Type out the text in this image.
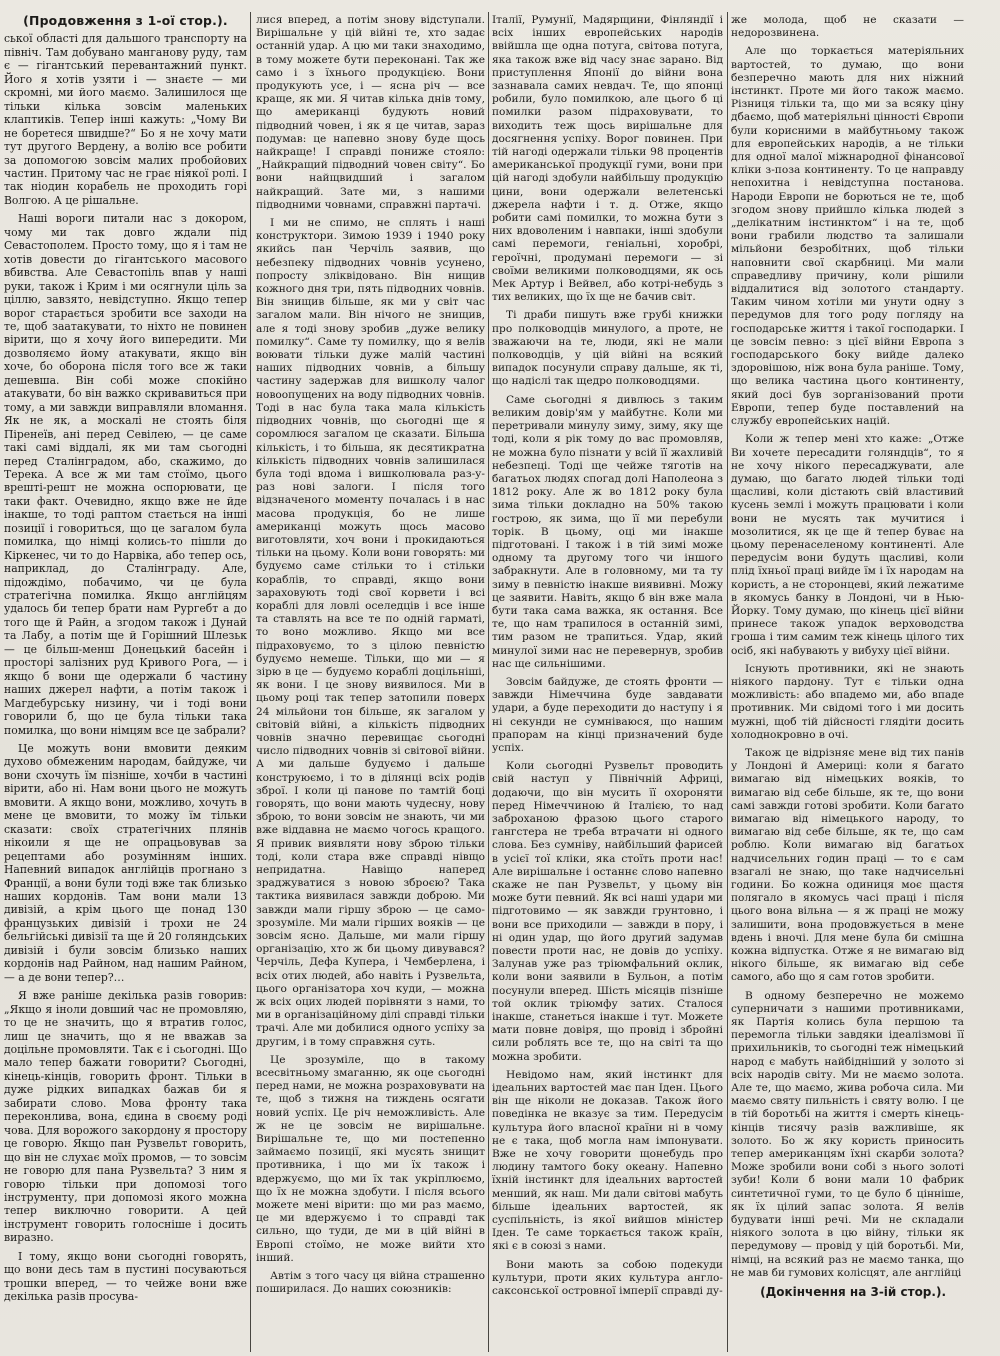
(Продовження з 1-ої стор.).

ської області для дальшого транспорту на північ. Там добувано манганову руду, там є — гігантський перевантажний пункт. Його я хотів узяти і — знаєте — ми скромні, ми його маємо. Залишилося ще тільки кілька зовсім маленьких клаптиків. Тепер інші кажуть: „Чому Ви не боретеся швидше?“ Бо я не хочу мати тут другого Вердену, а волію все робити за допомогою зовсім малих пробойових частин. Притому час не грає ніякої ролі. І так ніодин корабель не проходить горі Волгою. А це рішальне.

Наші вороги питали нас з докором, чому ми так довго ждали під Севастополем. Просто тому, що я і там не хотів довести до гігантського масового вбивства. Але Севастопіль впав у наші руки, також і Крим і ми осягнули ціль за ціллю, завзято, невідступно. Якщо тепер ворог старається зробити все заходи на те, щоб заатакувати, то ніхто не повинен вірити, що я хочу його випередити. Ми дозволяємо йому атакувати, якщо він хоче, бо оборона після того все ж таки дешевша. Він собі може спокійно атакувати, бо він важко скривавиться при тому, а ми завжди виправляли вломання. Як не як, а москалі не стоять біля Піренеїв, ані перед Севілею, — це саме такі самі віддалі, як ми там сьогодні перед Сталінградом, або, скажимо, до Терека. А все ж ми там стоїмо, цього врешті-решт не можна оспорювати, це таки факт. Очевидно, якщо вже не йде інакше, то тоді раптом стається на інші позиції і говориться, що це загалом була помилка, що німці колись-то пішли до Кіркенес, чи то до Нарвіка, або тепер ось, наприклад, до Сталінграду. Але, підождімо, побачимо, чи це була стратегічна помилка. Якщо англійцям удалось би тепер брати нам Рургебт а до того ще й Райн, а згодом також і Дунай та Лабу, а потім ще й Горішний Шлезьк — це більш-менш Донецький басейн і просторі залізних руд Кривого Рога, — і якщо б вони ще одержали б частину наших джерел нафти, а потім також і Магдебурську низину, чи і тоді вони говорили б, що це була тільки така помилка, що вони німцям все це забрали?

Це можуть вони вмовити деяким духово обмеженим народам, байдуже, чи вони схочуть їм пізніше, хочби в частині вірити, або ні. Нам вони цього не можуть вмовити. А якщо вони, можливо, хочуть в мене це вмовити, то можу їм тільки сказати: своїх стратегічних плянів нікоили я ще не опрацьовував за рецептами або розумінням інших. Напевний випадок англійців прогнано з Франції, а вони були тоді вже так близько наших кордонів. Там вони мали 13 дивізій, а крім цього ще понад 130 французьких дивізій і трохи не 24 бельгійські дивізії та ще й 20 голяндських дивізій і були зовсім близько наших кордонів над Райном, над нашим Райном, — а де вони тепер?…

Я вже раніше декілька разів говорив: „Якщо я іноли довший час не промовляю, то це не значить, що я втратив голос, лиш це значить, що я не вважав за доцільне промовляти. Так є і сьогодні. Що мало тепер бажати говорити? Сьогодні, кінець-кінців, говорить фронт. Тільки в дуже рідких випадках бажав би я забирати слово. Мова фронту така переконлива, вона, єдина в своєму роді чова. Для ворожого закордону я простору це говорю. Якщо пан Рузвельт говорить, що він не слухає моїх промов, — то зовсім не говорю для пана Рузвельта? З ним я говорю тільки при допомозі того інструменту, при допомозі якого можна тепер виключно говорити. А цей інструмент говорить голосніше і досить виразно.

І тому, якщо вони сьогодні говорять, що вони десь там в пустині посуваються трошки вперед, — то чейже вони вже декілька разів просува-

лися вперед, а потім знову відступали. Вирішальне у цій війні те, хто задає останній удар. А цю ми таки знаходимо, в тому можете бути переконані. Так же само і з їхнього продукцією. Вони продукують усе, і — ясна річ — все краще, як ми. Я читав кілька днів тому, що американці будують новий підводний човен, і як я це читав, зараз подумав: це напевно знову буде щось найкраще! І справді пониже стояло: „Найкращий підводний човен світу“. Бо вони найщвидший і загалом найкращий. Зате ми, з нашими підводними човнами, справжні партачі.

І ми не спимо, не сплять і наші конструктори. Зимою 1939 і 1940 року якийсь пан Черчіль заявив, що небезпеку підводних човнів усунено, попросту зліквідовано. Він нищив кожного дня три, пять підводних човнів. Він знищив більше, як ми у світ час загалом мали. Він нічого не знищив, але я тоді знову зробив „дуже велику помилку“. Саме ту помилку, що я велів воювати тільки дуже малій частині наших підводних човнів, а більшу частину задержав для вишколу чалог новоопущених на воду підводних човнів. Тоді в нас була така мала кількість підводних човнів, що сьогодні ще я соромлюся загалом це сказати. Більша кількість, і то більша, як десятикратна кількість підводних човнів залишилася була тоді вдома і вишколювала раз-у-раз нові залоги. І після того відзначеного моменту почалась і в нас масова продукція, бо не лише американці можуть щось масово виготовляти, хоч вони і прокидаються тільки на цьому. Коли вони говорять: ми будуємо саме стільки то і стільки кораблів, то справді, якщо вони зараховують тоді свої корвети і всі кораблі для ловлі оселедців і все інше та ставлять на все те по одній гарматі, то воно можливо. Якщо ми все підраховуємо, то з цілою певністю будуємо немеше. Тільки, що ми — я зірю в це — будуємо кораблі доцільніші, як вони. І це знову виявилося. Ми в цьому році так тепер затопили поверх 24 мільйони тон більше, як загалом у світовій війні, а кількість підводних човнів значно перевищає сьогодні число підводних човнів зі світової війни. А ми дальше будуємо і дальше конструюємо, і то в ділянці всіх родів зброї. І коли ці панове по тамтій боці говорять, що вони мають чудесну, нову зброю, то вони зовсім не знають, чи ми вже віддавна не маємо чогось кращого. Я привик виявляти нову зброю тільки тоді, коли стара вже справді нівщо непридатна. Навіщо наперед зраджуватися з новою зброєю? Така тактика виявилася завжди доброю. Ми завжди мали гіршу зброю — це само-зрозуміле. Ми мали гірших вояків — це зовсім ясно. Дальше, ми мали гіршу організацію, хто ж би цьому дивувався? Черчіль, Дефа Купера, і Чемберлена, і всіх отих людей, або навіть і Рузвельта, цього організатора хоч куди, — можна ж всіх оцих людей порівняти з нами, то ми в організаційному ділі справді тільки трачі. Але ми добилися одного успіху за другим, і в тому справжня суть.

Це зрозуміле, що в такому всесвітньому змаганню, як оце сьогодні перед нами, не можна розраховувати на те, щоб з тижня на тиждень осягати новий успіх. Це річ неможливість. Але ж не це зовсім не вирішальне. Вирішальне те, що ми постепенно займаємо позиції, які мусять знищит противника, і що ми їх також і вдержуємо, що ми їх так укріплюємо, що їх не можна здобути. І після всього можете мені вірити: що ми раз маємо, це ми вдержуємо і то справді так сильно, що туди, де ми в цій війні в Европі стоїмо, не може вийти хто інший.

Автім з того часу ця війна страшенно поширилася. До наших союзників:

Італії, Румунії, Мадярщини, Фінляндії і всіх інших европейських народів ввійшла ще одна потуга, світова потуга, яка також вже від часу знає зарано. Від приступлення Японії до війни вона зазнавала самих невдач. Те, що японці робили, було помилкою, але цього б ці помилки разом підраховувати, то виходить теж щось вирішальне для досягнення успіху. Ворог повинен. При тій нагоді одержали тільки 98 процентів американської продукції гуми, вони при цій нагоді здобули найбільшу продукцію цини, вони одержали велетенські джерела нафти і т. д. Отже, якщо робити самі помилки, то можна бути з них вдоволеним і навпаки, інші здобули самі перемоги, геніальні, хоробрі, героїчні, продумані перемоги — зі своїми великими полководцями, як ось Мек Артур і Вейвел, або котрі-небудь з тих великих, що їх ще не бачив світ.

Ті драби пишуть вже грубі книжки про полководців минулого, а проте, не зважаючи на те, люди, які не мали полководців, у цій війні на всякий випадок посунули справу дальше, як ті, що надіслі так щедро полководцями.

Саме сьогодні я дивлюсь з таким великим довір'ям у майбутнє. Коли ми перетривали минулу зиму, зиму, яку ще тоді, коли я рік тому до вас промовляв, не можна було пізнати у всій її жахливій небезпеці. Тоді ще чейже тяготів на багатьох людях спогад долі Наполеона з 1812 року. Але ж во 1812 року була зима тільки докладно на 50% такою гострою, як зима, що її ми перебули торік. В цьому, оці ми інакше підготовані. І також і в тій зимі може одному та другому того чи іншого забракнути. Але в головному, ми та ту зиму в певністю інакше виявивні. Можу це заявити. Навіть, якщо б він вже мала бути така сама важка, як остання. Все те, що нам трапилося в останній зимі, тим разом не трапиться. Удар, який минулої зими нас не перевернув, зробив нас ще сильнішими.

Зовсім байдуже, де стоять фронти — завжди Німеччина буде завдавати удари, а буде переходити до наступу і я ні секунди не сумніваюся, що нашим прапорам на кінці призначений буде успіх.

Коли сьогодні Рузвельт проводить свій наступ у Північній Африці, додаючи, що він мусить її охороняти перед Німеччиною й Італією, то над заброханою фразою цього старого гангстера не треба втрачати ні одного слова. Без сумніву, найбільший фарисей в усієї тої кліки, яка стоїть проти нас! Але вирішальне і останнє слово напевно скаже не пан Рузвельт, у цьому він може бути певний. Як всі наші удари ми підготовимо — як завжди грунтовно, і вони все приходили — завжди в пору, і ні один удар, що його другий задумав повести проти нас, не довів до успіху. Залунав уже раз тріюмфальний оклик, коли вони заявили в Бульон, а потім посунули вперед. Шість місяців пізніше той оклик тріюмфу затих. Сталося інакше, станеться інакше і тут. Можете мати повне довіря, що провід і збройні сили роблять все те, що на світі та що можна зробити.

Невідомо нам, який інстинкт для ідеальних вартостей має пан Іден. Цього він ще ніколи не доказав. Також його поведінка не вказує за тим. Передусім культура його власної країни ні в чому не є така, щоб могла нам імпонувати. Вже не хочу говорити щонебудь про людину тамтого боку океану. Напевно їхній інстинкт для ідеальних вартостей менший, як наш. Ми дали світові мабуть більше ідеальних вартостей, як суспільність, із якої вийшов міністер Іден. Те саме торкається також країн, які є в союзі з нами.

Вони мають за собою подекуди культури, проти яких культура англо-саксонської островної імперії справді ду-

же молода, щоб не сказати — недорозвинена.

Але що торкається матеріяльних вартостей, то думаю, що вони безперечно мають для них ніжний інстинкт. Проте ми його також маємо. Різниця тільки та, що ми за всяку ціну дбаємо, щоб матеріяльні цінності Європи були корисними в майбутньому також для европейських народів, а не тільки для одної малої міжнародної фінансової кліки з-поза континенту. То це направду непохитна і невідступна постанова. Народи Европи не борються не те, щоб згодом знову прийшло кілька людей з „делікатним інстинктом“ і на те, щоб вони грабили людство та залишали мільйони безробітних, щоб тільки наповнити свої скарбниці. Ми мали справедливу причину, коли рішили віддалитися від золотого стандарту. Таким чином хотіли ми унути одну з передумов для того роду погляду на господарське життя і такої господарки. І це зовсім певно: з цієї війни Европа з господарського боку вийде далеко здоровішою, ніж вона була раніше. Тому, що велика частина цього континенту, який досі був зорганізований проти Европи, тепер буде поставлений на службу европейських націй.

Коли ж тепер мені хто каже: „Отже Ви хочете пересадити голяндців“, то я не хочу нікого пересаджувати, але думаю, що багато людей тільки тоді щасливі, коли дістають свій властивий кусень землі і можуть працювати і коли вони не мусять так мучитися і мозолитися, як це ще й тепер буває на цьому перенаселеному континенті. Але передусім вони будуть щасливі, коли плід їхньої праці вийде їм і їх народам на користь, а не сторонцеві, який лежатиме в якомусь банку в Лондоні, чи в Нью-Йорку. Тому думаю, що кінець цієї війни принесе також упадок верховодства гроша і тим самим теж кінець цілого тих осіб, які набувають у вибуху цієї війни.

Існують противники, які не знають ніякого пардону. Тут є тільки одна можливість: або впадемо ми, або впаде противник. Ми свідомі того і ми досить мужні, щоб тій дійсності глядіти досить холоднокровно в очі.

Також це відрізняє мене від тих панів у Лондоні й Америці: коли я багато вимагаю від німецьких вояків, то вимагаю від себе більше, як те, що вони самі завжди готові зробити. Коли багато вимагаю від німецького народу, то вимагаю від себе більше, як те, що сам роблю. Коли вимагаю від багатьох надчисельних годин праці — то є сам взагалі не знаю, що таке надчисельні години. Бо кожна одиниця моє щастя полягало в якомусь часі праці і після цього вона вільна — я ж праці не можу залишити, вона продовжується в мене вдень і вночі. Для мене була би смішна кожна відпустка. Отже я не вимагаю від нікого більше, як вимагаю від себе самого, або що я сам готов зробити.

В одному безперечно не можемо суперничати з нашими противниками, як Партія колись була першою та перемогла тільки завдяки ідеалізмові її прихильників, то сьогодні теж німецький народ є мабуть найбідніший у золото зі всіх народів світу. Ми не маємо золота. Але те, що маємо, жива робоча сила. Ми маємо святу пильність і святу волю. І це в тій боротьбі на життя і смерть кінець-кінців тисячу разів важливіше, як золото. Бо ж яку користь приносить тепер американцям їхні скарби золота? Може зробили вони собі з нього золоті зуби! Коли б вони мали 10 фабрик синтетичної гуми, то це було б цінніше, як їх цілий запас золота. Я велів будувати інші речі. Ми не складали ніякого золота в цю війну, тільки як передумову — провід у цій боротьбі. Ми, німці, на всякий раз не маємо танка, що не мав би гумових колісцят, але англійці

(Докінчення на 3-ій стор.).
